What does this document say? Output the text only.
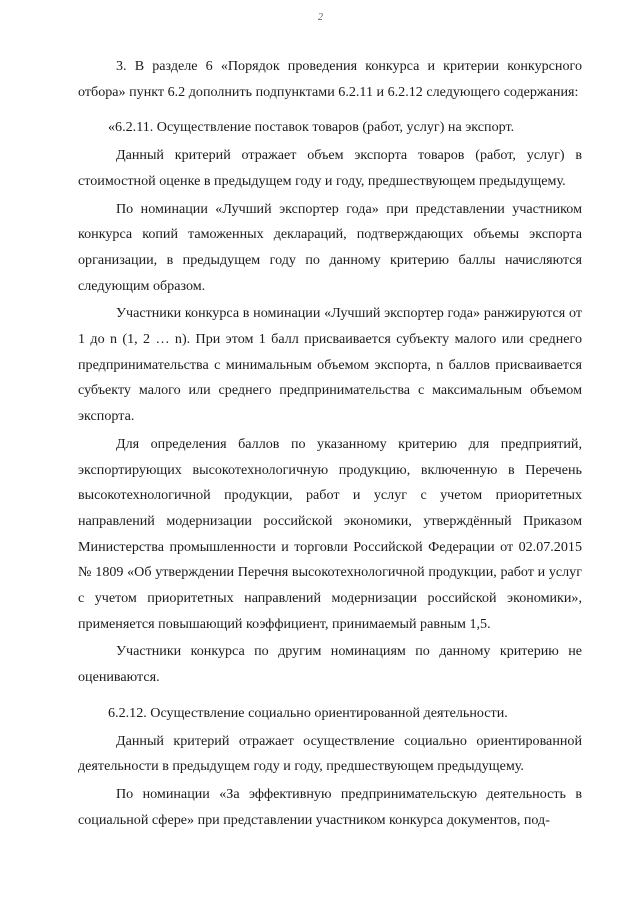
2

3. В разделе 6 «Порядок проведения конкурса и критерии конкурсного отбора» пункт 6.2 дополнить подпунктами 6.2.11 и 6.2.12 следующего содержания:

«6.2.11. Осуществление поставок товаров (работ, услуг) на экспорт.

Данный критерий отражает объем экспорта товаров (работ, услуг) в стоимостной оценке в предыдущем году и году, предшествующем предыдущему.

По номинации «Лучший экспортер года» при представлении участником конкурса копий таможенных деклараций, подтверждающих объемы экспорта организации, в предыдущем году по данному критерию баллы начисляются следующим образом.

Участники конкурса в номинации «Лучший экспортер года» ранжируются от 1 до n (1, 2 … n). При этом 1 балл присваивается субъекту малого или среднего предпринимательства с минимальным объемом экспорта, n баллов присваивается субъекту малого или среднего предпринимательства с максимальным объемом экспорта.

Для определения баллов по указанному критерию для предприятий, экспортирующих высокотехнологичную продукцию, включенную в Перечень высокотехнологичной продукции, работ и услуг с учетом приоритетных направлений модернизации российской экономики, утверждённый Приказом Министерства промышленности и торговли Российской Федерации от 02.07.2015 № 1809 «Об утверждении Перечня высокотехнологичной продукции, работ и услуг с учетом приоритетных направлений модернизации российской экономики», применяется повышающий коэффициент, принимаемый равным 1,5.

Участники конкурса по другим номинациям по данному критерию не оцениваются.

6.2.12. Осуществление социально ориентированной деятельности.

Данный критерий отражает осуществление социально ориентированной деятельности в предыдущем году и году, предшествующем предыдущему.

По номинации «За эффективную предпринимательскую деятельность в социальной сфере» при представлении участником конкурса документов, под-
